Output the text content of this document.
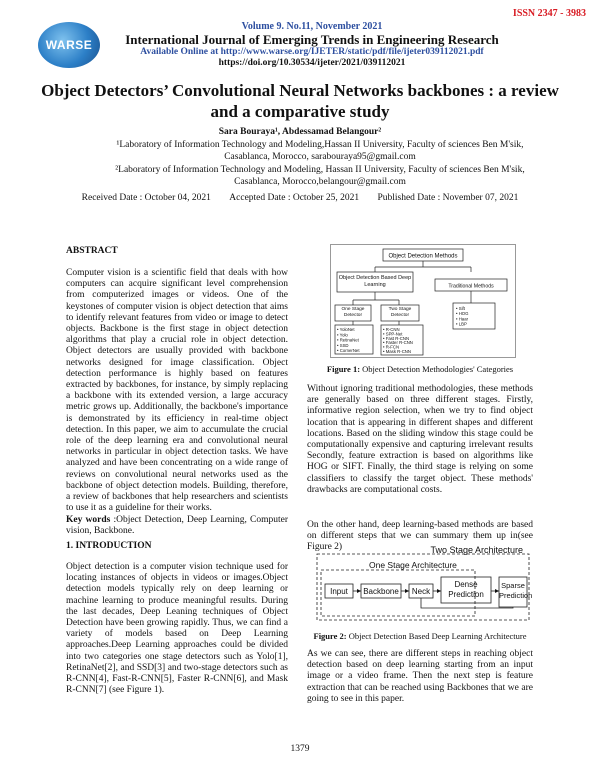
ISSN 2347 - 3983
WARSE
Volume 9. No.11, November 2021
International Journal of Emerging Trends in Engineering Research
Available Online at http://www.warse.org/IJETER/static/pdf/file/ijeter039112021.pdf
https://doi.org/10.30534/ijeter/2021/039112021
Object Detectors’ Convolutional Neural Networks backbones : a review and a comparative study
Sara Bouraya¹, Abdessamad Belangour²
¹Laboratory of Information Technology and Modeling,Hassan II University, Faculty of sciences Ben M'sik, Casablanca, Morocco, sarabouraya95@gmail.com
²Laboratory of Information Technology and Modeling, Hassan II University, Faculty of sciences Ben M'sik, Casablanca, Morocco,belangour@gmail.com
Received Date : October 04, 2021 Accepted Date : October 25, 2021 Published Date : November 07, 2021
ABSTRACT
Computer vision is a scientific field that deals with how computers can acquire significant level comprehension from computerized images or videos. One of the keystones of computer vision is object detection that aims to identify relevant features from video or image to detect objects. Backbone is the first stage in object detection algorithms that play a crucial role in object detection. Object detectors are usually provided with backbone networks designed for image classification. Object detection performance is highly based on features extracted by backbones, for instance, by simply replacing a backbone with its extended version, a large accuracy metric grows up. Additionally, the backbone's importance is demonstrated by its efficiency in real-time object detection. In this paper, we aim to accumulate the crucial role of the deep learning era and convolutional neural networks in particular in object detection tasks. We have analyzed and have been concentrating on a wide range of reviews on convolutional neural networks used as the backbone of object detection models. Building, therefore, a review of backbones that help researchers and scientists to use it as a guideline for their works.
Key words :Object Detection, Deep Learning, Computer vision, Backbone.
1. INTRODUCTION
Object detection is a computer vision technique used for locating instances of objects in videos or images.Object detection models typically rely on deep learning or machine learning to produce meaningful results. During the last decades, Deep Leaning techniques of Object Detection have been growing rapidly. Thus, we can find a variety of models based on Deep Learning approaches.Deep Learning approaches could be divided into two categories one stage detectors such as Yolo[1], RetinaNet[2], and SSD[3] and two-stage detectors such as R-CNN[4], Fast-R-CNN[5], Faster R-CNN[6], and Mask R-CNN[7] (see Figure 1).
Object Detection Methods
Object Detection Based Deep Learning	Traditional Methods
One Stage Detector
Two Stage Detector
• YoloNet
• Yolo
• RetinaNet
• SSD
• CornerNet
• R-CNN
• SPP-Net
• Fast R-CNN
• Faster R-CNN
• R-FCN
• Mask R-CNN
• Sift
• HOG
• Haar
• LBP
Figure 1: Object Detection Methodologies' Categories
Without ignoring traditional methodologies, these methods are generally based on three different stages. Firstly, informative region selection, when we try to find object location that is appearing in different shapes and different locations. Based on the sliding window this stage could be computationally expensive and capturing irrelevant results Secondly, feature extraction is based on algorithms like HOG or SIFT. Finally, the third stage is relying on some classifiers to classify the target object. These methods' drawbacks are computational costs.
On the other hand, deep learning-based methods are based on different steps that we can summary them up in(see Figure 2)	Two Stage Architecture
One Stage Architecture
Input Backbone Neck
Dense Prediction
Sparse Prediction
Figure 2: Object Detection Based Deep Learning Architecture
As we can see, there are different steps in reaching object detection based on deep learning starting from an input image or a video frame. Then the next step is feature extraction that can be reached using Backbones that we are going to see in this paper.
1379
